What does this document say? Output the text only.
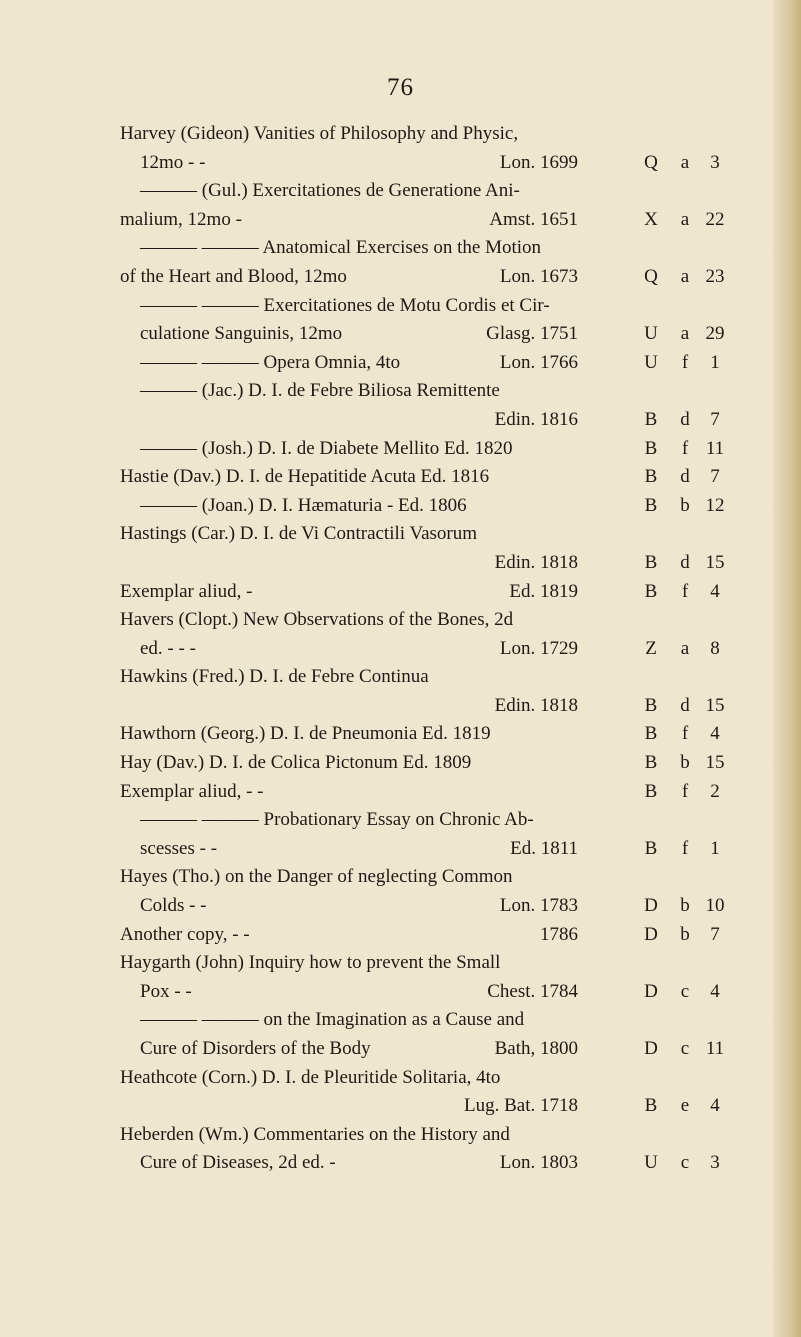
76
Harvey (Gideon) Vanities of Philosophy and Physic,
12mo - -	Lon. 1699	Q a	3
——— (Gul.) Exercitationes de Generatione Ani-
malium, 12mo -	Amst. 1651	X a 22
——— ——— Anatomical Exercises on the Motion
of the Heart and Blood, 12mo	Lon. 1673	Q a 23
——— ——— Exercitationes de Motu Cordis et Cir-
culatione Sanguinis, 12mo	Glasg. 1751	U a 29
——— ——— Opera Omnia, 4to	Lon. 1766	U	f	1
——— (Jac.) D. I. de Febre Biliosa Remittente
Edin. 1816	B d	7
——— (Josh.) D. I. de Diabete Mellito Ed. 1820	B	f 11
Hastie (Dav.) D. I. de Hepatitide Acuta Ed. 1816	B d	7
——— (Joan.) D. I. Hæmaturia - Ed. 1806	B b 12
Hastings (Car.) D. I. de Vi Contractili Vasorum
Edin. 1818	B d 15
Exemplar aliud, -	Ed. 1819	B	f	4
Havers (Clopt.) New Observations of the Bones, 2d
ed. - - -	Lon. 1729	Z a	8
Hawkins (Fred.) D. I. de Febre Continua
Edin. 1818	B d 15
Hawthorn (Georg.) D. I. de Pneumonia Ed. 1819	B	f	4
Hay (Dav.) D. I. de Colica Pictonum Ed. 1809	B b 15
Exemplar aliud, - -	B	f	2
——— ——— Probationary Essay on Chronic Ab-
scesses - -	Ed. 1811	B	f	1
Hayes (Tho.) on the Danger of neglecting Common
Colds - -	Lon. 1783	D b 10
Another copy, - -	1786	D b	7
Haygarth (John) Inquiry how to prevent the Small
Pox - -	Chest. 1784	D c	4
——— ——— on the Imagination as a Cause and
Cure of Disorders of the Body	Bath, 1800	D c 11
Heathcote (Corn.) D. I. de Pleuritide Solitaria, 4to
Lug. Bat. 1718	B e	4
Heberden (Wm.) Commentaries on the History and
Cure of Diseases, 2d ed. -	Lon. 1803	U c	3
